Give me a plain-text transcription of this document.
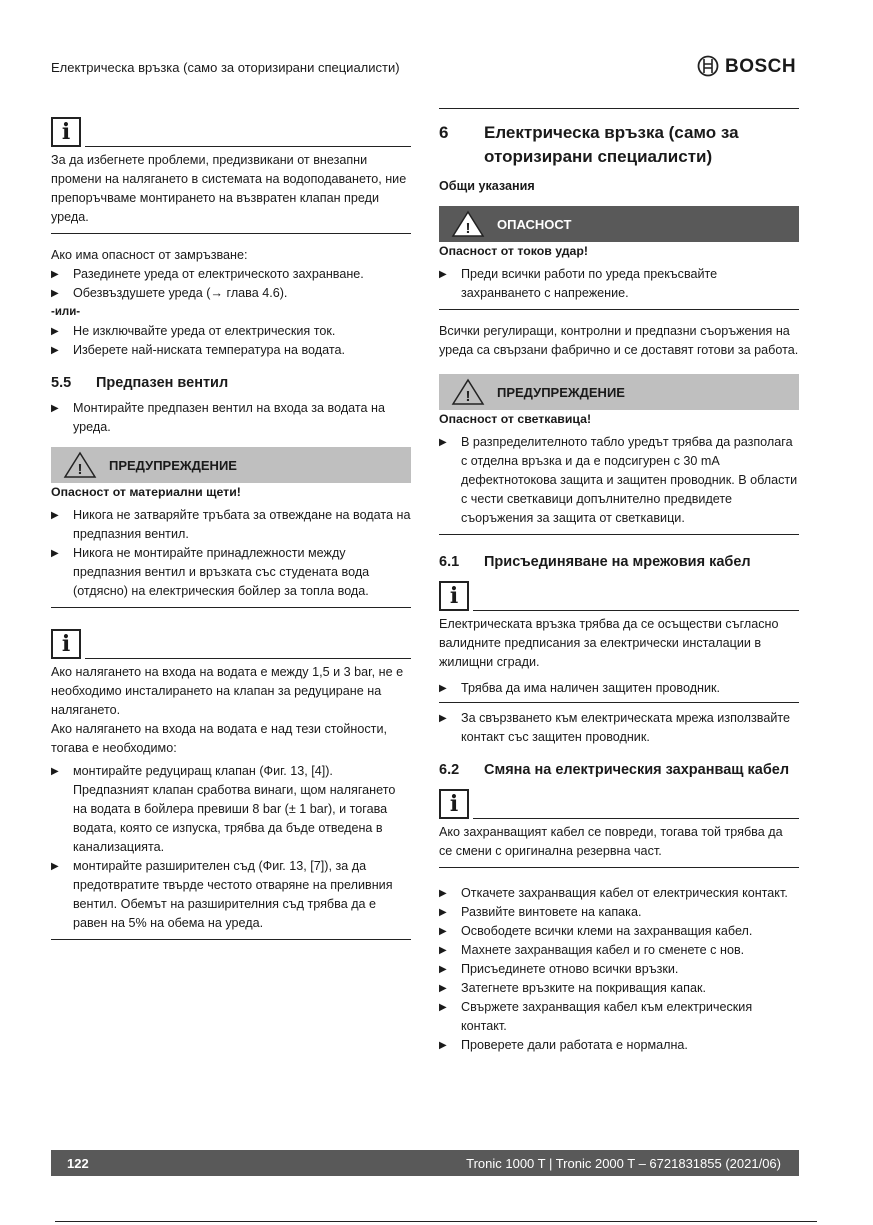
Електрическа връзка (само за оторизирани специалисти)	BOSCH
i

За да избегнете проблеми, предизвикани от внезапни промени на налягането в системата на водоподаването, ние препоръчваме монтирането на възвратен клапан преди уреда.

Ако има опасност от замръзване:

▶	Разединете уреда от електрическото захранване.
▶	Обезвъздушете уреда (→ глава 4.6).

-или-

▶	Не изключвайте уреда от електрическия ток.
▶	Изберете най-ниската температура на водата.
5.5	Предпазен вентил
▶	Монтирайте предпазен вентил на входа за водата на уреда.
! ПРЕДУПРЕЖДЕНИЕ

Опасност от материални щети!

▶	Никога не затваряйте тръбата за отвеждане на водата на предпазния вентил.
▶	Никога не монтирайте принадлежности между предпазния вентил и връзката със студената вода (отдясно) на електрическия бойлер за топла вода.
i

Ако налягането на входа на водата е между 1,5 и 3 bar, не е необходимо инсталирането на клапан за редуциране на налягането.

Ако налягането на входа на водата е над тези стойности, тогава е необходимо:

▶	монтирайте редуциращ клапан (Фиг. 13, [4]). Предпазният клапан сработва винаги, щом налягането на водата в бойлера превиши 8 bar (± 1 bar), и тогава водата, която се изпуска, трябва да бъде отведена в канализацията.
▶	монтирайте разширителен съд (Фиг. 13, [7]), за да предотвратите твърде честото отваряне на преливния вентил. Обемът на разширителния съд трябва да е равен на 5% на обема на уреда.
6	Електрическа връзка (само за оторизирани специалисти)

Общи указания

! ОПАСНОСТ

Опасност от токов удар!

▶	Преди всички работи по уреда прекъсвайте захранването с напрежение.

Всички регулиращи, контролни и предпазни съоръжения на уреда са свързани фабрично и се доставят готови за работа.

! ПРЕДУПРЕЖДЕНИЕ

Опасност от светкавица!

▶	В разпределителното табло уредът трябва да разполага с отделна връзка и да е подсигурен с 30 mA дефектнотокова защита и защитен проводник. В области с чести светкавици допълнително предвидете съоръжения за защита от светкавици.
6.1	Присъединяване на мрежовия кабел
i

Електрическата връзка трябва да се осъществи съгласно валидните предписания за електрически инсталации в жилищни сгради.

▶	Трябва да има наличен защитен проводник.
▶	За свързването към електрическата мрежа използвайте контакт със защитен проводник.
6.2	Смяна на електрическия захранващ кабел
i

Ако захранващият кабел се повреди, тогава той трябва да се смени с оригинална резервна част.

▶	Откачете захранващия кабел от електрическия контакт.
▶	Развийте винтовете на капака.
▶	Освободете всички клеми на захранващия кабел.
▶	Махнете захранващия кабел и го сменете с нов.
▶	Присъединете отново всички връзки.
▶	Затегнете връзките на покриващия капак.
▶	Свържете захранващия кабел към електрическия контакт.
▶	Проверете дали работата е нормална.
122	Tronic 1000 T | Tronic 2000 T – 6721831855 (2021/06)
